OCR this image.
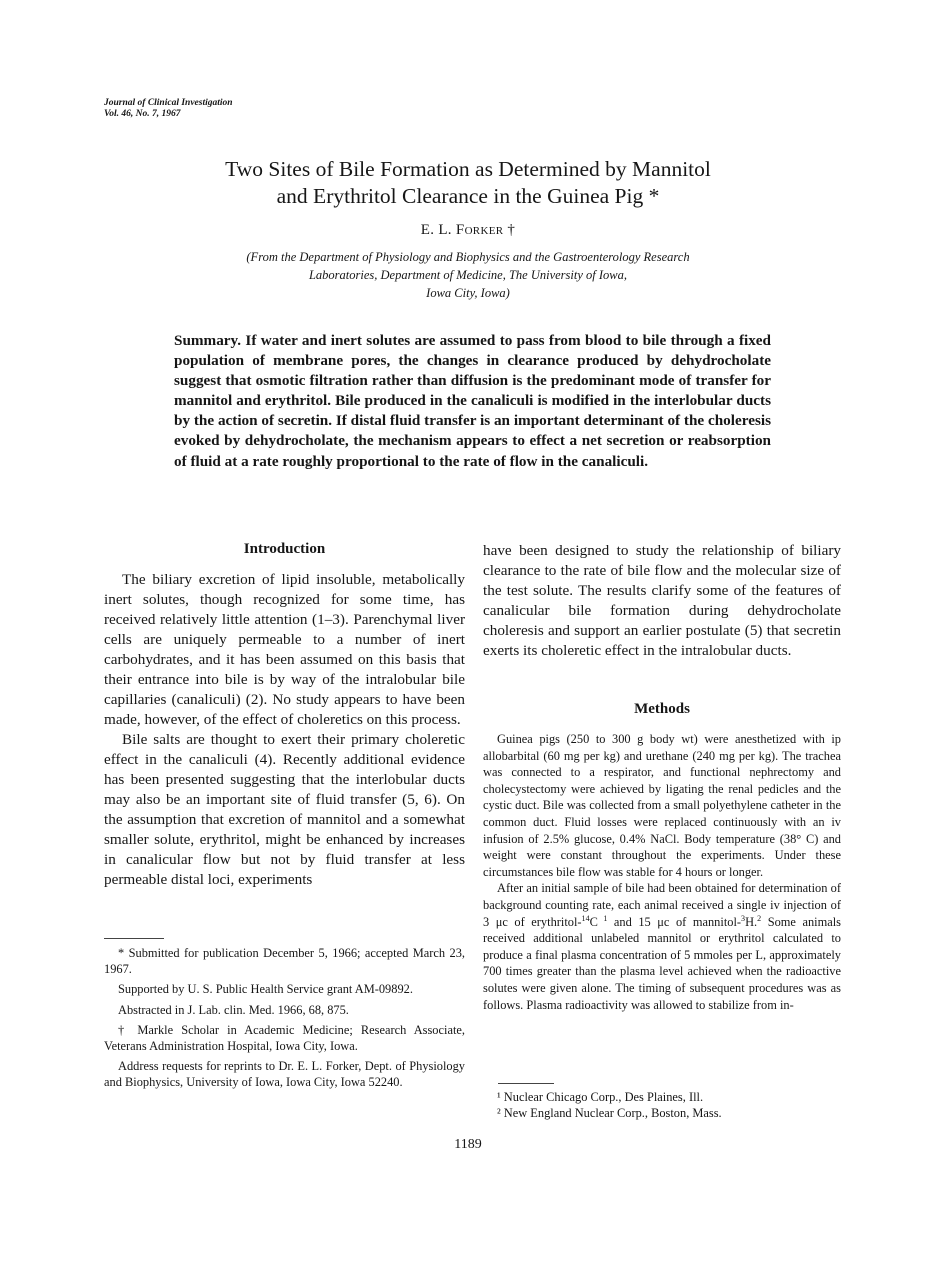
Journal of Clinical Investigation
Vol. 46, No. 7, 1967
Two Sites of Bile Formation as Determined by Mannitol
and Erythritol Clearance in the Guinea Pig *
E. L. Forker †
(From the Department of Physiology and Biophysics and the Gastroenterology Research
Laboratories, Department of Medicine, The University of Iowa,
Iowa City, Iowa)
Summary. If water and inert solutes are assumed to pass from blood to bile through a fixed population of membrane pores, the changes in clearance produced by dehydrocholate suggest that osmotic filtration rather than diffusion is the predominant mode of transfer for mannitol and erythritol. Bile produced in the canaliculi is modified in the interlobular ducts by the action of secretin. If distal fluid transfer is an important determinant of the choleresis evoked by dehydrocholate, the mechanism appears to effect a net secretion or reabsorption of fluid at a rate roughly proportional to the rate of flow in the canaliculi.
Introduction

The biliary excretion of lipid insoluble, metabolically inert solutes, though recognized for some time, has received relatively little attention (1–3). Parenchymal liver cells are uniquely permeable to a number of inert carbohydrates, and it has been assumed on this basis that their entrance into bile is by way of the intralobular bile capillaries (canaliculi) (2). No study appears to have been made, however, of the effect of choleretics on this process.

Bile salts are thought to exert their primary choleretic effect in the canaliculi (4). Recently additional evidence has been presented suggesting that the interlobular ducts may also be an important site of fluid transfer (5, 6). On the assumption that excretion of mannitol and a somewhat smaller solute, erythritol, might be enhanced by increases in canalicular flow but not by fluid transfer at less permeable distal loci, experiments

* Submitted for publication December 5, 1966; accepted March 23, 1967.

Supported by U. S. Public Health Service grant AM-09892.

Abstracted in J. Lab. clin. Med. 1966, 68, 875.

† Markle Scholar in Academic Medicine; Research Associate, Veterans Administration Hospital, Iowa City, Iowa.

Address requests for reprints to Dr. E. L. Forker, Dept. of Physiology and Biophysics, University of Iowa, Iowa City, Iowa 52240.

have been designed to study the relationship of biliary clearance to the rate of bile flow and the molecular size of the test solute. The results clarify some of the features of canalicular bile formation during dehydrocholate choleresis and support an earlier postulate (5) that secretin exerts its choleretic effect in the intralobular ducts.

Methods

Guinea pigs (250 to 300 g body wt) were anesthetized with ip allobarbital (60 mg per kg) and urethane (240 mg per kg). The trachea was connected to a respirator, and functional nephrectomy and cholecystectomy were achieved by ligating the renal pedicles and the cystic duct. Bile was collected from a small polyethylene catheter in the common duct. Fluid losses were replaced continuously with an iv infusion of 2.5% glucose, 0.4% NaCl. Body temperature (38° C) and weight were constant throughout the experiments. Under these circumstances bile flow was stable for 4 hours or longer.

After an initial sample of bile had been obtained for determination of background counting rate, each animal received a single iv injection of 3 μc of erythritol-$^{14}$C $^1$ and 15 μc of mannitol-$^3$H.$^2$ Some animals received additional unlabeled mannitol or erythritol calculated to produce a final plasma concentration of 5 mmoles per L, approximately 700 times greater than the plasma level achieved when the radioactive solutes were given alone. The timing of subsequent procedures was as follows. Plasma radioactivity was allowed to stabilize from in-

¹ Nuclear Chicago Corp., Des Plaines, Ill.

² New England Nuclear Corp., Boston, Mass.

1189
